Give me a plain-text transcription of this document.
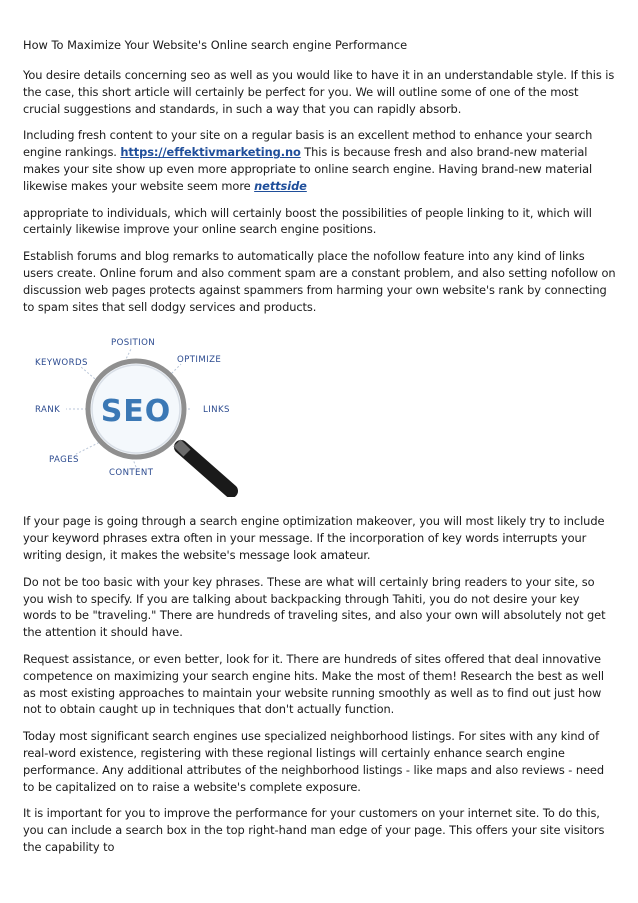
How To Maximize Your Website's Online search engine Performance

You desire details concerning seo as well as you would like to have it in an understandable style. If this is the case, this short article will certainly be perfect for you. We will outline some of one of the most crucial suggestions and standards, in such a way that you can rapidly absorb.

Including fresh content to your site on a regular basis is an excellent method to enhance your search engine rankings. https://effektivmarketing.no This is because fresh and also brand-new material makes your site show up even more appropriate to online search engine. Having brand-new material likewise makes your website seem more nettside

appropriate to individuals, which will certainly boost the possibilities of people linking to it, which will certainly likewise improve your online search engine positions.

Establish forums and blog remarks to automatically place the nofollow feature into any kind of links users create. Online forum and also comment spam are a constant problem, and also setting nofollow on discussion web pages protects against spammers from harming your own website's rank by connecting to spam sites that sell dodgy services and products.

SEO
POSITION
KEYWORDS	OPTIMIZE
RANK	LINKS
PAGES
CONTENT

If your page is going through a search engine optimization makeover, you will most likely try to include your keyword phrases extra often in your message. If the incorporation of key words interrupts your writing design, it makes the website's message look amateur.

Do not be too basic with your key phrases. These are what will certainly bring readers to your site, so you wish to specify. If you are talking about backpacking through Tahiti, you do not desire your key words to be "traveling." There are hundreds of traveling sites, and also your own will absolutely not get the attention it should have.

Request assistance, or even better, look for it. There are hundreds of sites offered that deal innovative competence on maximizing your search engine hits. Make the most of them! Research the best as well as most existing approaches to maintain your website running smoothly as well as to find out just how not to obtain caught up in techniques that don't actually function.

Today most significant search engines use specialized neighborhood listings. For sites with any kind of real-word existence, registering with these regional listings will certainly enhance search engine performance. Any additional attributes of the neighborhood listings - like maps and also reviews - need to be capitalized on to raise a website's complete exposure.

It is important for you to improve the performance for your customers on your internet site. To do this, you can include a search box in the top right-hand man edge of your page. This offers your site visitors the capability to
